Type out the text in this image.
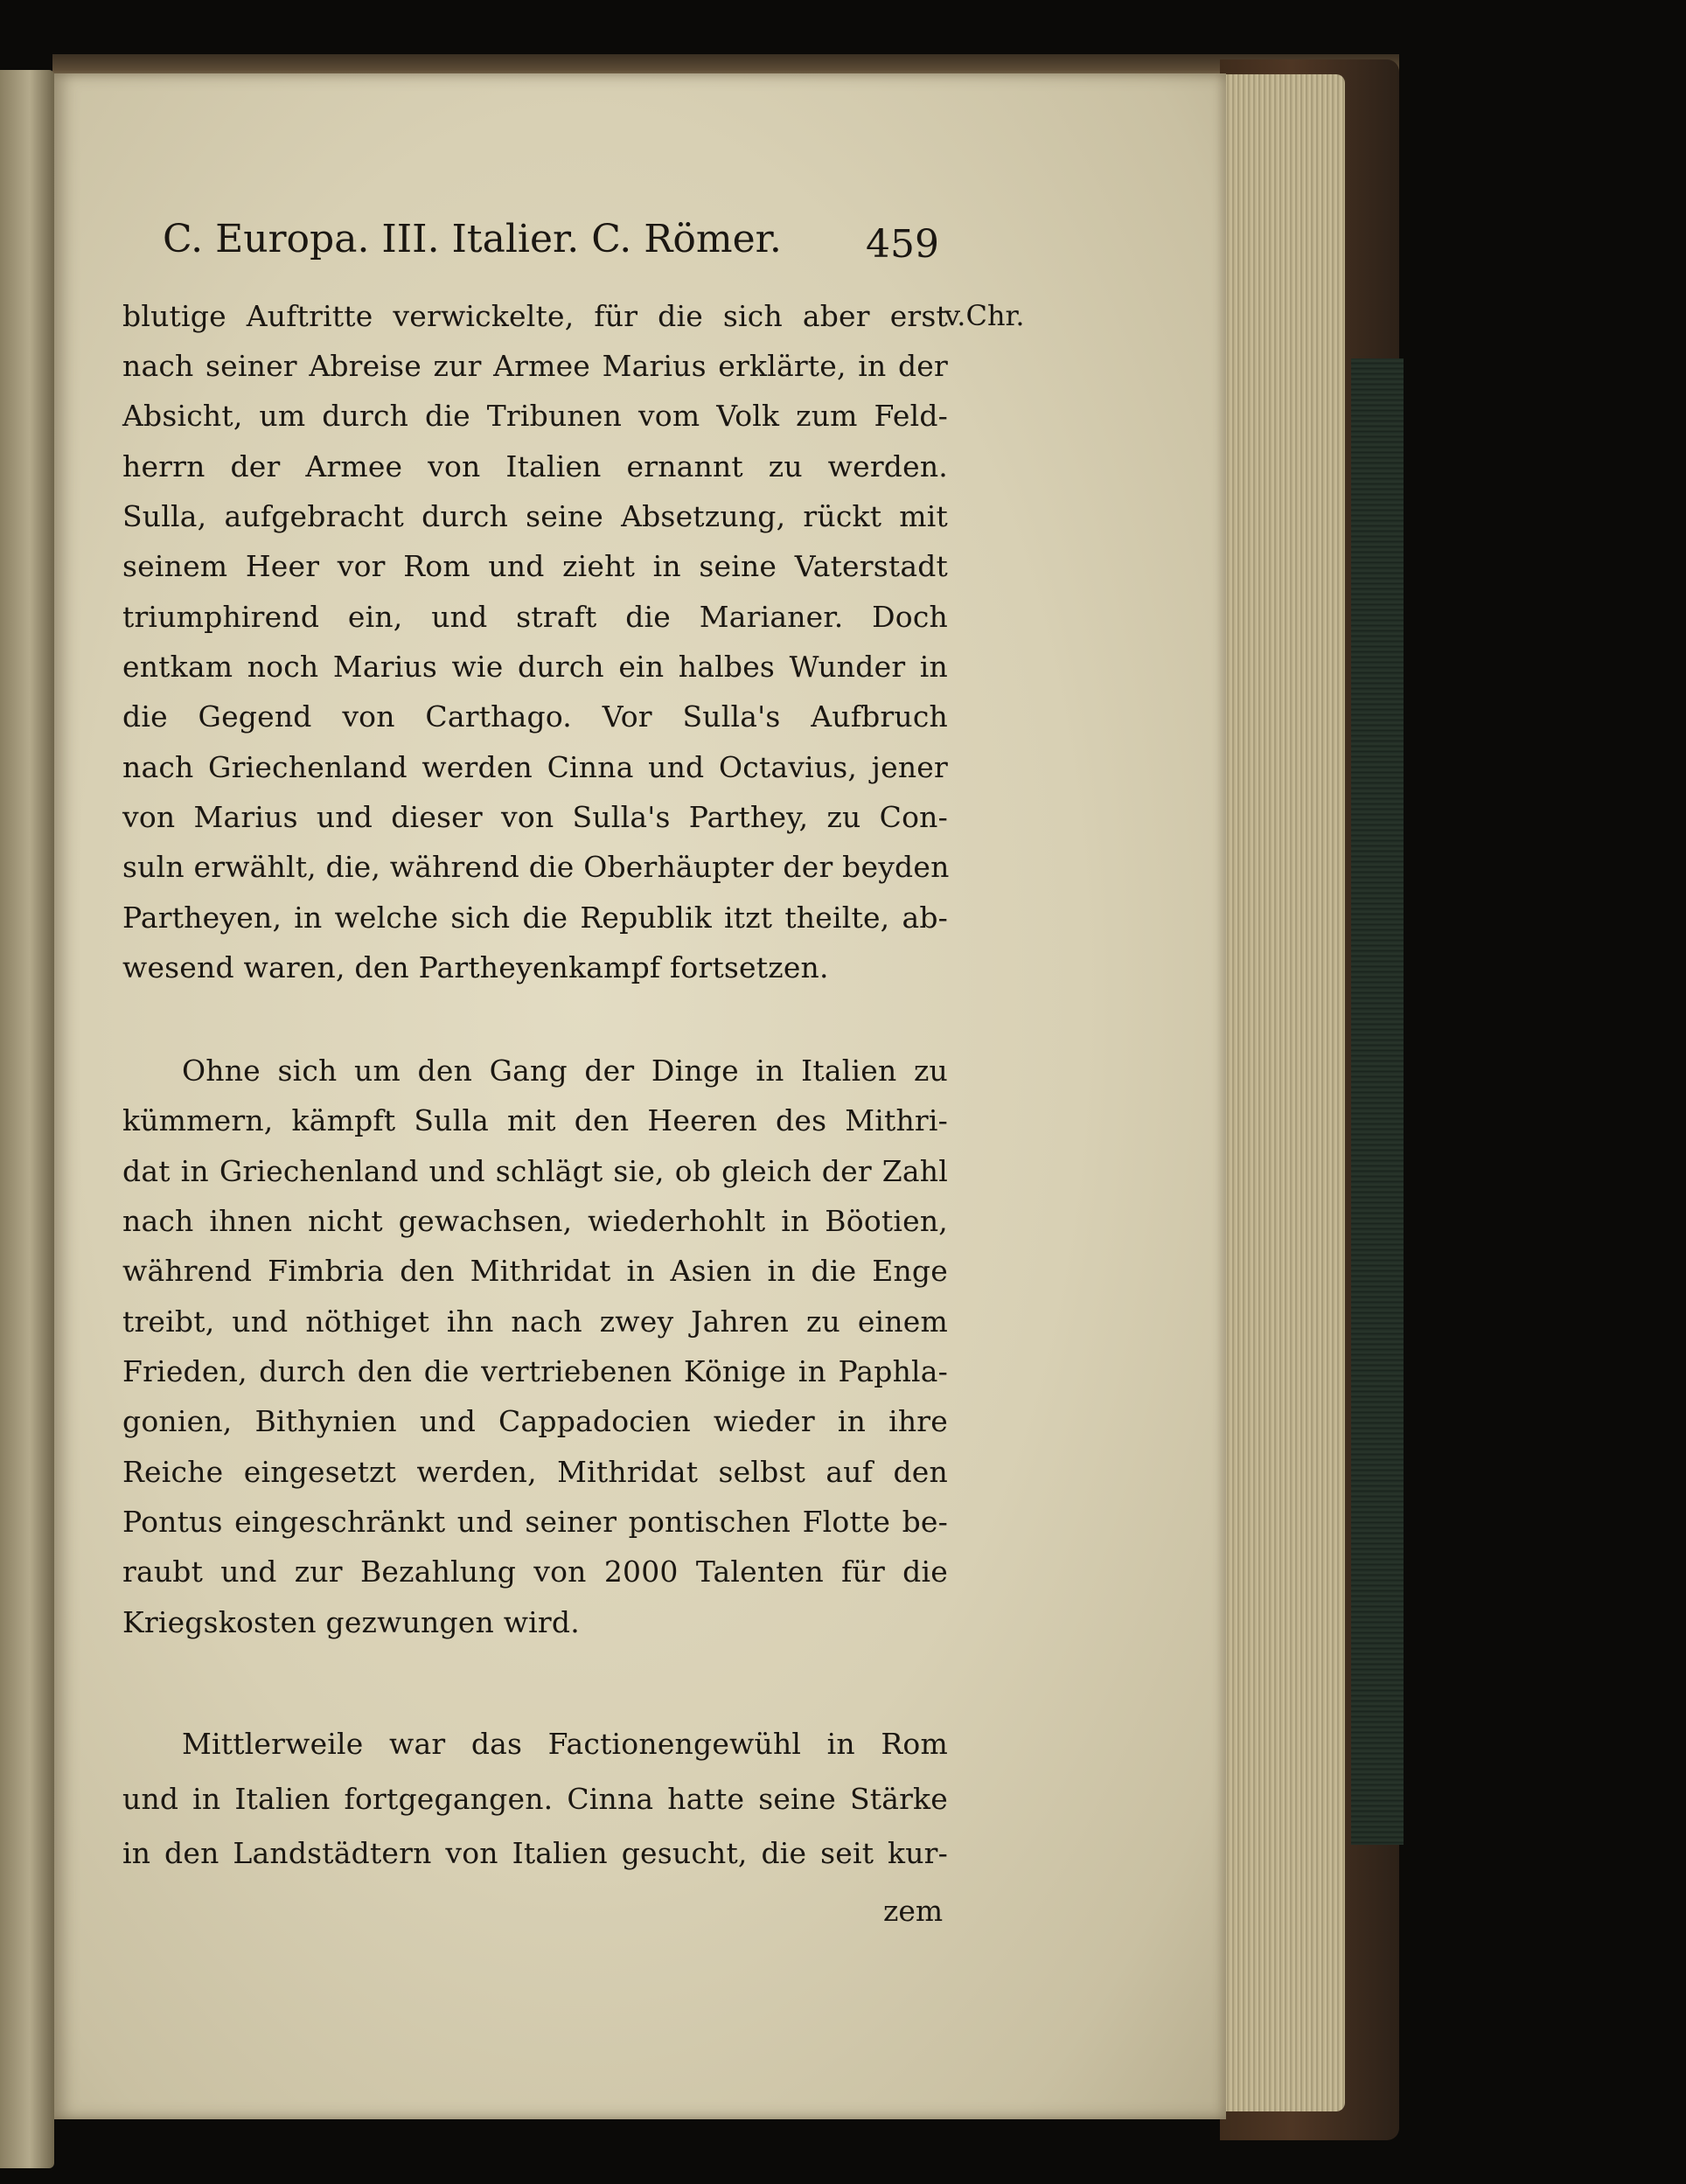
C. Europa. III. Italier. C. Römer. 459
v.Chr.
blutige Auftritte verwickelte, für die sich aber erst
nach seiner Abreise zur Armee Marius erklärte, in der
Absicht, um durch die Tribunen vom Volk zum Feld-
herrn der Armee von Italien ernannt zu werden.
Sulla, aufgebracht durch seine Absetzung, rückt mit
seinem Heer vor Rom und zieht in seine Vaterstadt
triumphirend ein, und straft die Marianer. Doch
entkam noch Marius wie durch ein halbes Wunder in
die Gegend von Carthago. Vor Sulla's Aufbruch
nach Griechenland werden Cinna und Octavius, jener
von Marius und dieser von Sulla's Parthey, zu Con-
suln erwählt, die, während die Oberhäupter der beyden
Partheyen, in welche sich die Republik itzt theilte, ab-
wesend waren, den Partheyenkampf fortsetzen.
Ohne sich um den Gang der Dinge in Italien zu
kümmern, kämpft Sulla mit den Heeren des Mithri-
dat in Griechenland und schlägt sie, ob gleich der Zahl
nach ihnen nicht gewachsen, wiederhohlt in Böotien,
während Fimbria den Mithridat in Asien in die Enge
treibt, und nöthiget ihn nach zwey Jahren zu einem
Frieden, durch den die vertriebenen Könige in Paphla-
gonien, Bithynien und Cappadocien wieder in ihre
Reiche eingesetzt werden, Mithridat selbst auf den
Pontus eingeschränkt und seiner pontischen Flotte be-
raubt und zur Bezahlung von 2000 Talenten für die
Kriegskosten gezwungen wird.
Mittlerweile war das Factionengewühl in Rom
und in Italien fortgegangen. Cinna hatte seine Stärke
in den Landstädtern von Italien gesucht, die seit kur-
zem
